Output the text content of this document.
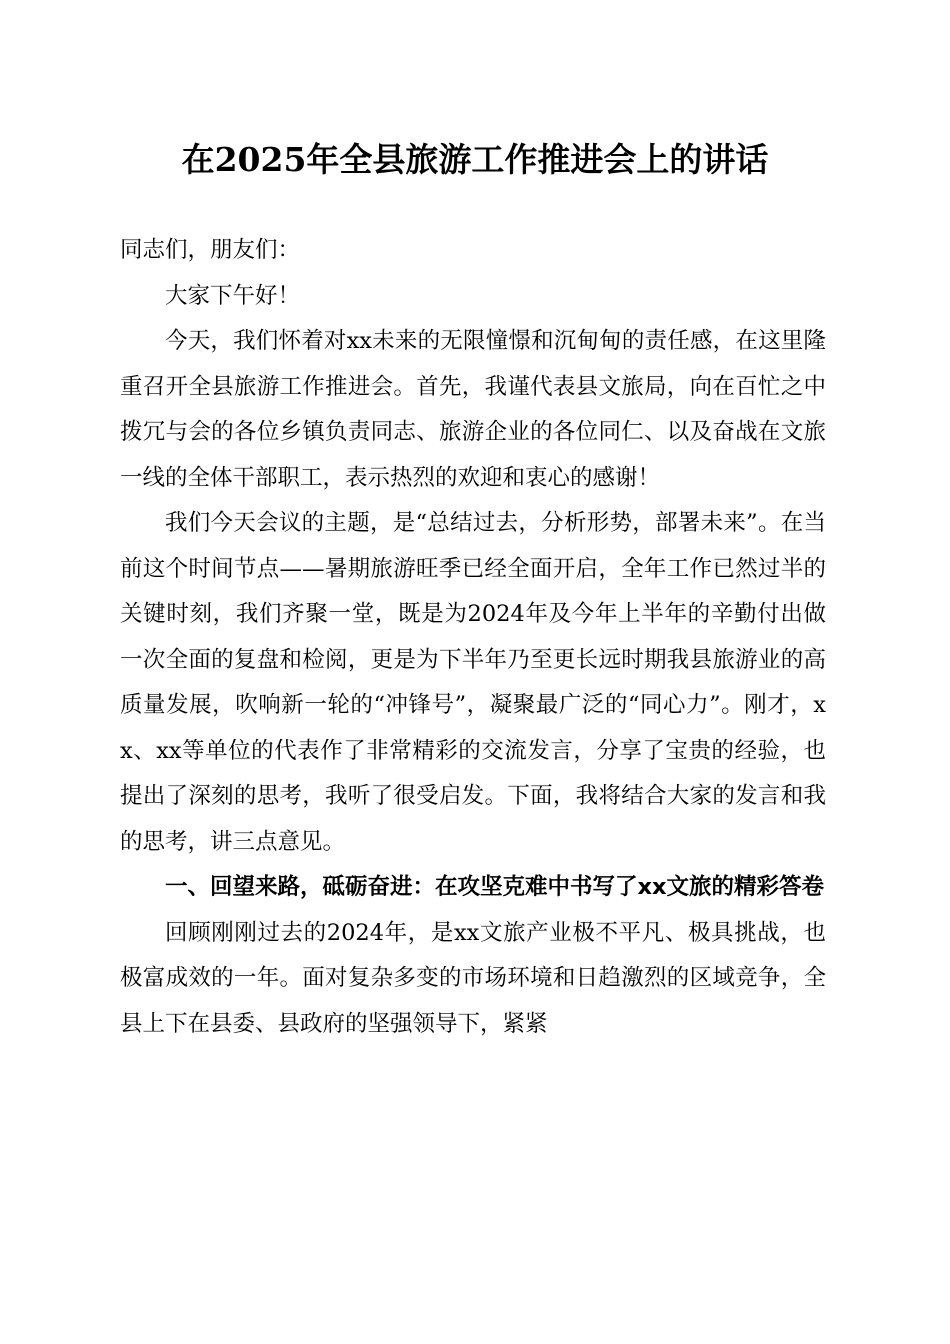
在2025年全县旅游工作推进会上的讲话

同志们，朋友们：

大家下午好！

今天，我们怀着对xx未来的无限憧憬和沉甸甸的责任感，在这里隆重召开全县旅游工作推进会。首先，我谨代表县文旅局，向在百忙之中拨冗与会的各位乡镇负责同志、旅游企业的各位同仁、以及奋战在文旅一线的全体干部职工，表示热烈的欢迎和衷心的感谢！

我们今天会议的主题，是“总结过去，分析形势，部署未来”。在当前这个时间节点——暑期旅游旺季已经全面开启，全年工作已然过半的关键时刻，我们齐聚一堂，既是为2024年及今年上半年的辛勤付出做一次全面的复盘和检阅，更是为下半年乃至更长远时期我县旅游业的高质量发展，吹响新一轮的“冲锋号”，凝聚最广泛的“同心力”。刚才，xx、xx等单位的代表作了非常精彩的交流发言，分享了宝贵的经验，也提出了深刻的思考，我听了很受启发。下面，我将结合大家的发言和我的思考，讲三点意见。

一、回望来路，砥砺奋进：在攻坚克难中书写了xx文旅的精彩答卷

回顾刚刚过去的2024年，是xx文旅产业极不平凡、极具挑战，也极富成效的一年。面对复杂多变的市场环境和日趋激烈的区域竞争，全县上下在县委、县政府的坚强领导下，紧紧
